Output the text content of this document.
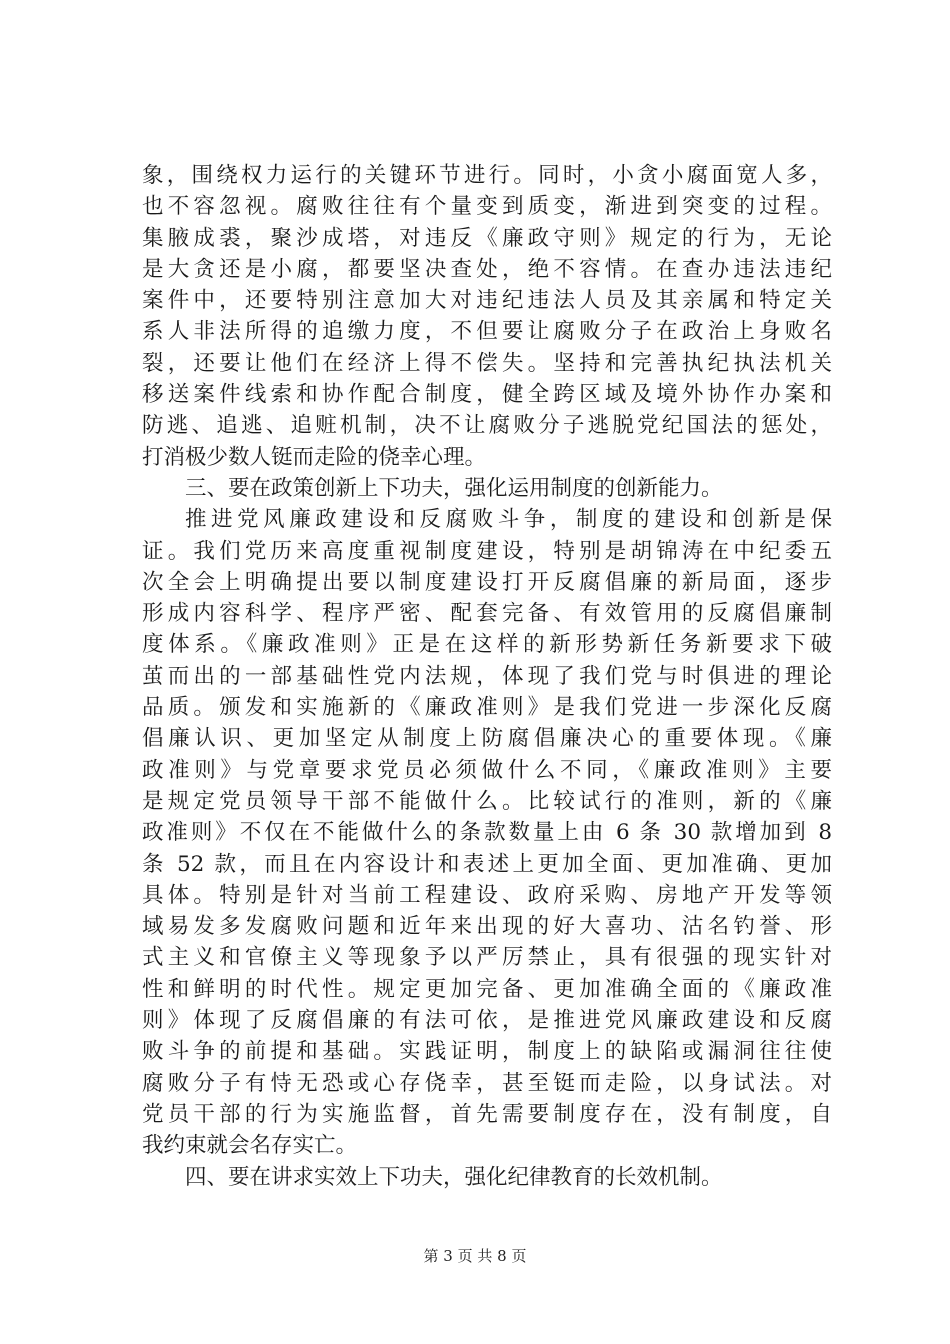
象，围绕权力运行的关键环节进行。同时，小贪小腐面宽人多，
也不容忽视。腐败往往有个量变到质变，渐进到突变的过程。
集腋成裘，聚沙成塔，对违反《廉政守则》规定的行为，无论
是大贪还是小腐，都要坚决查处，绝不容情。在查办违法违纪
案件中，还要特别注意加大对违纪违法人员及其亲属和特定关
系人非法所得的追缴力度，不但要让腐败分子在政治上身败名
裂，还要让他们在经济上得不偿失。坚持和完善执纪执法机关
移送案件线索和协作配合制度，健全跨区域及境外协作办案和
防逃、追逃、追赃机制，决不让腐败分子逃脱党纪国法的惩处，
打消极少数人铤而走险的侥幸心理。
三、要在政策创新上下功夫，强化运用制度的创新能力。
推进党风廉政建设和反腐败斗争，制度的建设和创新是保
证。我们党历来高度重视制度建设，特别是胡锦涛在中纪委五
次全会上明确提出要以制度建设打开反腐倡廉的新局面，逐步
形成内容科学、程序严密、配套完备、有效管用的反腐倡廉制
度体系。《廉政准则》正是在这样的新形势新任务新要求下破
茧而出的一部基础性党内法规，体现了我们党与时俱进的理论
品质。颁发和实施新的《廉政准则》是我们党进一步深化反腐
倡廉认识、更加坚定从制度上防腐倡廉决心的重要体现。《廉
政准则》与党章要求党员必须做什么不同，《廉政准则》主要
是规定党员领导干部不能做什么。比较试行的准则，新的《廉
政准则》不仅在不能做什么的条款数量上由 6 条 30 款增加到 8
条 52 款，而且在内容设计和表述上更加全面、更加准确、更加
具体。特别是针对当前工程建设、政府采购、房地产开发等领
域易发多发腐败问题和近年来出现的好大喜功、沽名钓誉、形
式主义和官僚主义等现象予以严厉禁止，具有很强的现实针对
性和鲜明的时代性。规定更加完备、更加准确全面的《廉政准
则》体现了反腐倡廉的有法可依，是推进党风廉政建设和反腐
败斗争的前提和基础。实践证明，制度上的缺陷或漏洞往往使
腐败分子有恃无恐或心存侥幸，甚至铤而走险，以身试法。对
党员干部的行为实施监督，首先需要制度存在，没有制度，自
我约束就会名存实亡。
四、要在讲求实效上下功夫，强化纪律教育的长效机制。
第 3 页 共 8 页
